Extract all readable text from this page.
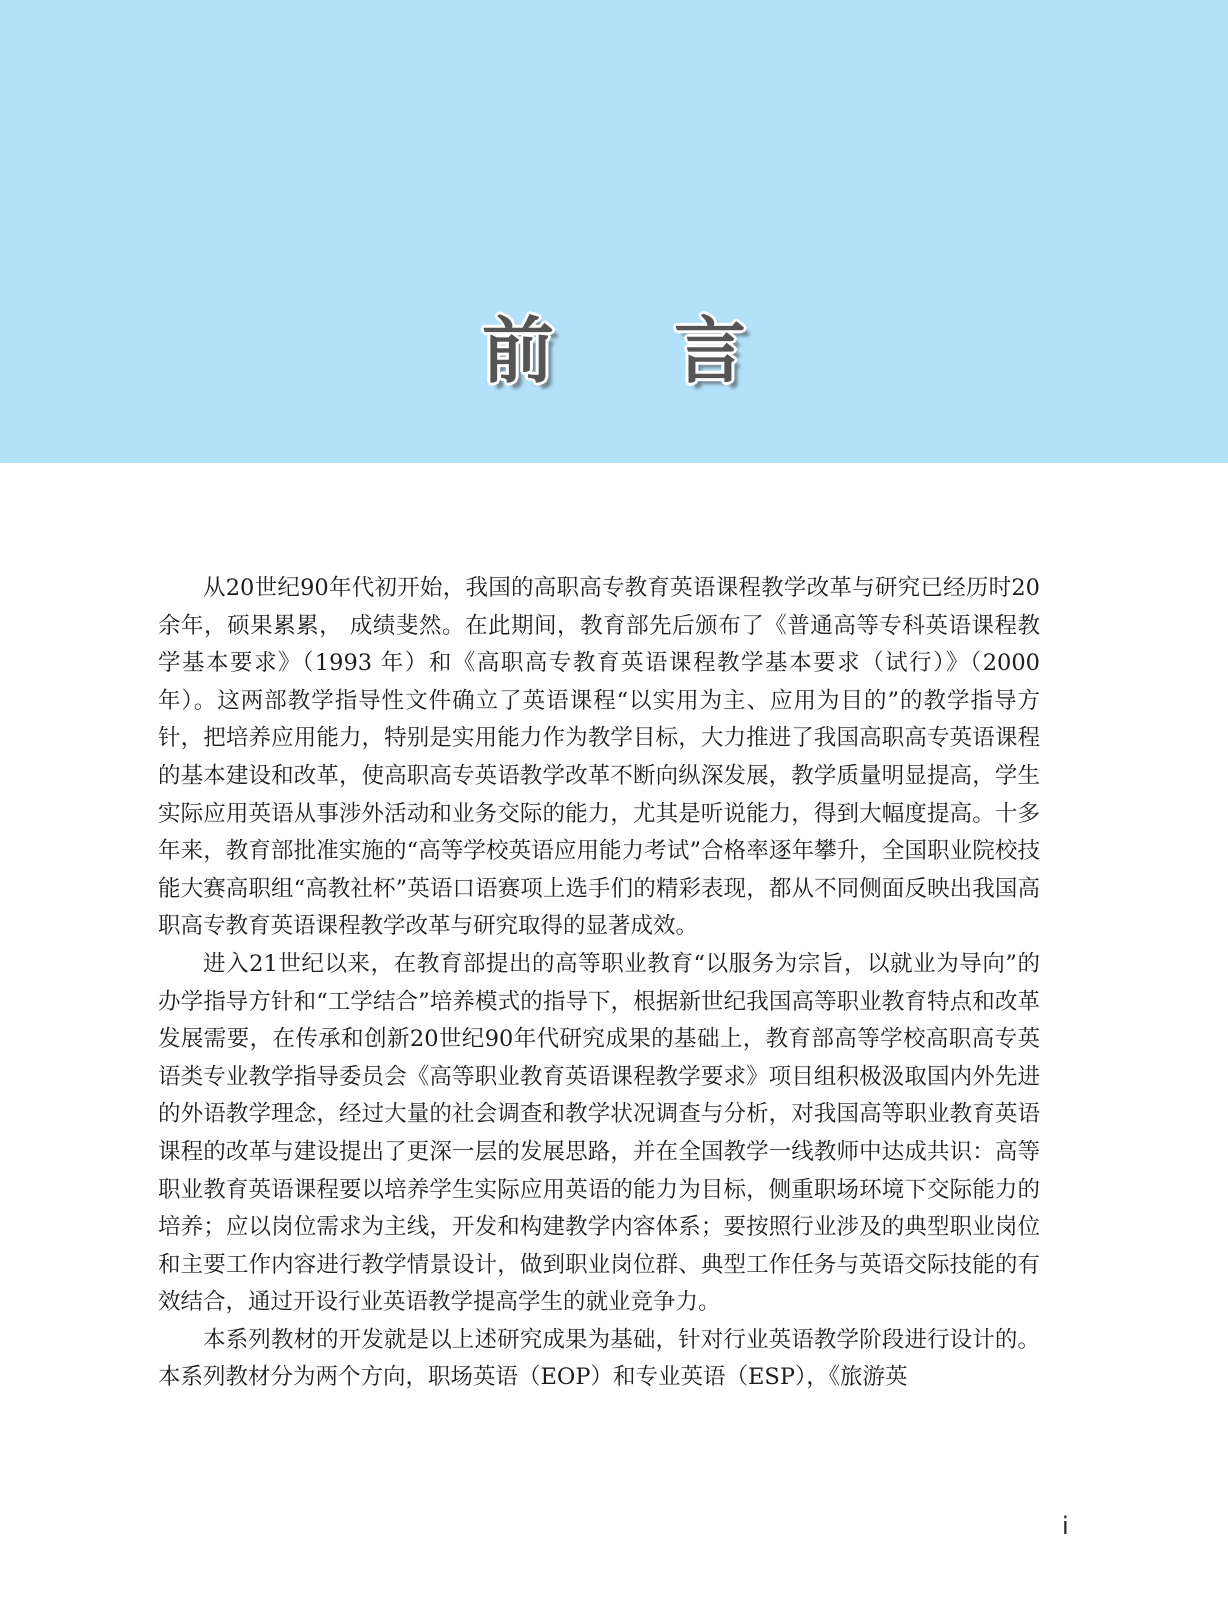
前 言

从20世纪90年代初开始，我国的高职高专教育英语课程教学改革与研究已经历时20余年，硕果累累， 成绩斐然。在此期间，教育部先后颁布了《普通高等专科英语课程教学基本要求》（1993 年）和《高职高专教育英语课程教学基本要求（试行）》（2000 年）。这两部教学指导性文件确立了英语课程“以实用为主、应用为目的”的教学指导方针，把培养应用能力，特别是实用能力作为教学目标，大力推进了我国高职高专英语课程的基本建设和改革，使高职高专英语教学改革不断向纵深发展，教学质量明显提高，学生实际应用英语从事涉外活动和业务交际的能力，尤其是听说能力，得到大幅度提高。十多年来，教育部批准实施的“高等学校英语应用能力考试”合格率逐年攀升，全国职业院校技能大赛高职组“高教社杯”英语口语赛项上选手们的精彩表现，都从不同侧面反映出我国高职高专教育英语课程教学改革与研究取得的显著成效。

进入21世纪以来，在教育部提出的高等职业教育“以服务为宗旨，以就业为导向”的办学指导方针和“工学结合”培养模式的指导下，根据新世纪我国高等职业教育特点和改革发展需要，在传承和创新20世纪90年代研究成果的基础上，教育部高等学校高职高专英语类专业教学指导委员会《高等职业教育英语课程教学要求》项目组积极汲取国内外先进的外语教学理念，经过大量的社会调查和教学状况调查与分析，对我国高等职业教育英语课程的改革与建设提出了更深一层的发展思路，并在全国教学一线教师中达成共识：高等职业教育英语课程要以培养学生实际应用英语的能力为目标，侧重职场环境下交际能力的培养；应以岗位需求为主线，开发和构建教学内容体系；要按照行业涉及的典型职业岗位和主要工作内容进行教学情景设计，做到职业岗位群、典型工作任务与英语交际技能的有效结合，通过开设行业英语教学提高学生的就业竞争力。

本系列教材的开发就是以上述研究成果为基础，针对行业英语教学阶段进行设计的。 本系列教材分为两个方向，职场英语（EOP）和专业英语（ESP），《旅游英

i
